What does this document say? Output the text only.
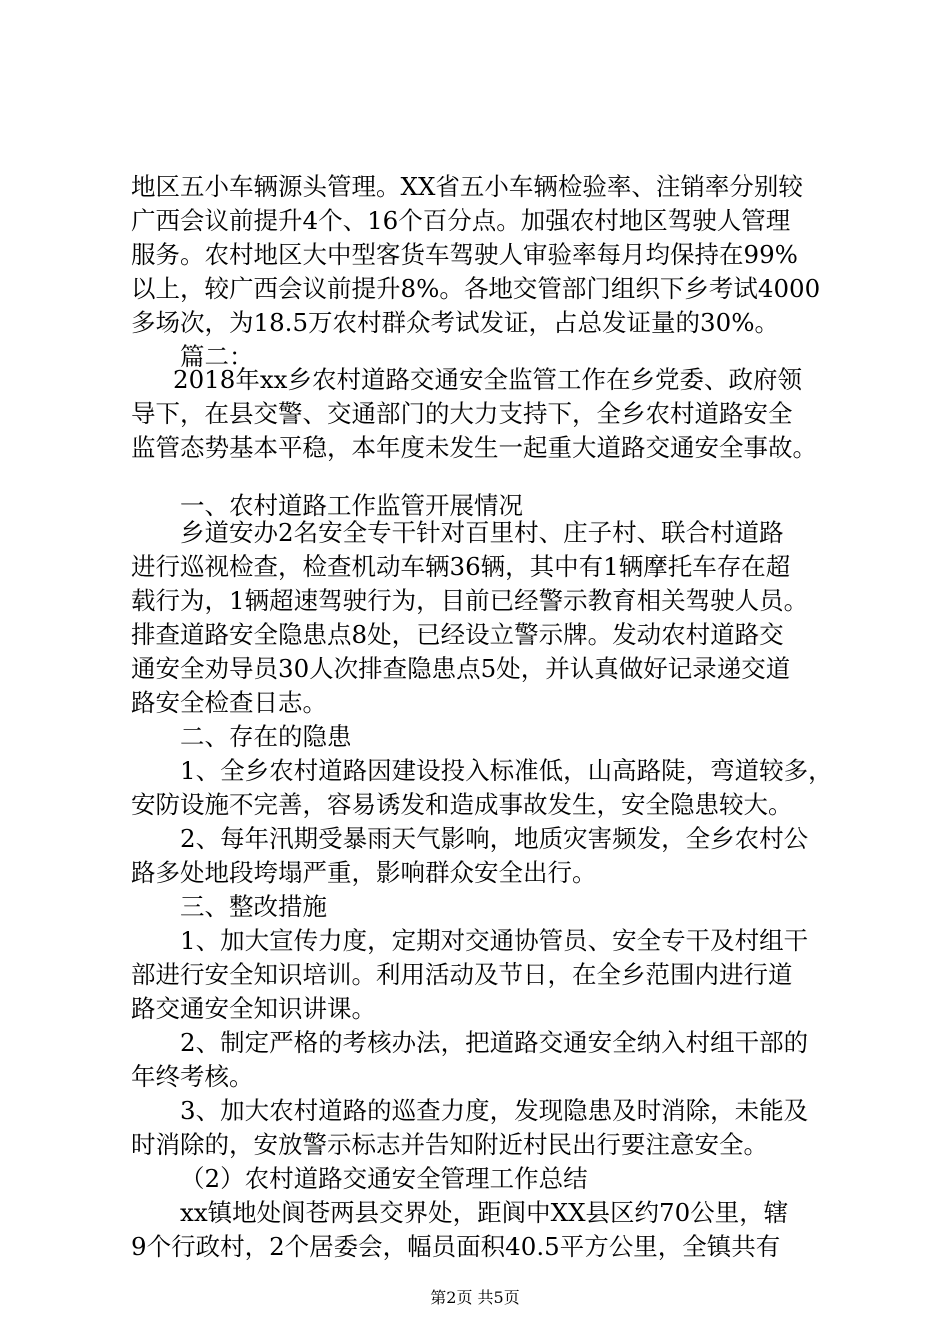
地区五小车辆源头管理。XX省五小车辆检验率、注销率分别较
广西会议前提升4个、16个百分点。加强农村地区驾驶人管理
服务。农村地区大中型客货车驾驶人审验率每月均保持在99%
以上，较广西会议前提升8%。各地交管部门组织下乡考试4000
多场次，为18.5万农村群众考试发证，占总发证量的30%。
篇二：
2018年xx乡农村道路交通安全监管工作在乡党委、政府领
导下，在县交警、交通部门的大力支持下，全乡农村道路安全
监管态势基本平稳，本年度未发生一起重大道路交通安全事故。
一、农村道路工作监管开展情况
乡道安办2名安全专干针对百里村、庄子村、联合村道路
进行巡视检查，检查机动车辆36辆，其中有1辆摩托车存在超
载行为，1辆超速驾驶行为，目前已经警示教育相关驾驶人员。
排查道路安全隐患点8处，已经设立警示牌。发动农村道路交
通安全劝导员30人次排查隐患点5处，并认真做好记录递交道
路安全检查日志。
二、存在的隐患
1、全乡农村道路因建设投入标准低，山高路陡，弯道较多，
安防设施不完善，容易诱发和造成事故发生，安全隐患较大。
2、每年汛期受暴雨天气影响，地质灾害频发，全乡农村公
路多处地段垮塌严重，影响群众安全出行。
三、整改措施
1、加大宣传力度，定期对交通协管员、安全专干及村组干
部进行安全知识培训。利用活动及节日，在全乡范围内进行道
路交通安全知识讲课。
2、制定严格的考核办法，把道路交通安全纳入村组干部的
年终考核。
3、加大农村道路的巡查力度，发现隐患及时消除，未能及
时消除的，安放警示标志并告知附近村民出行要注意安全。
（2）农村道路交通安全管理工作总结
xx镇地处阆苍两县交界处，距阆中XX县区约70公里，辖
9个行政村，2个居委会，幅员面积40.5平方公里，全镇共有
第2页 共5页
